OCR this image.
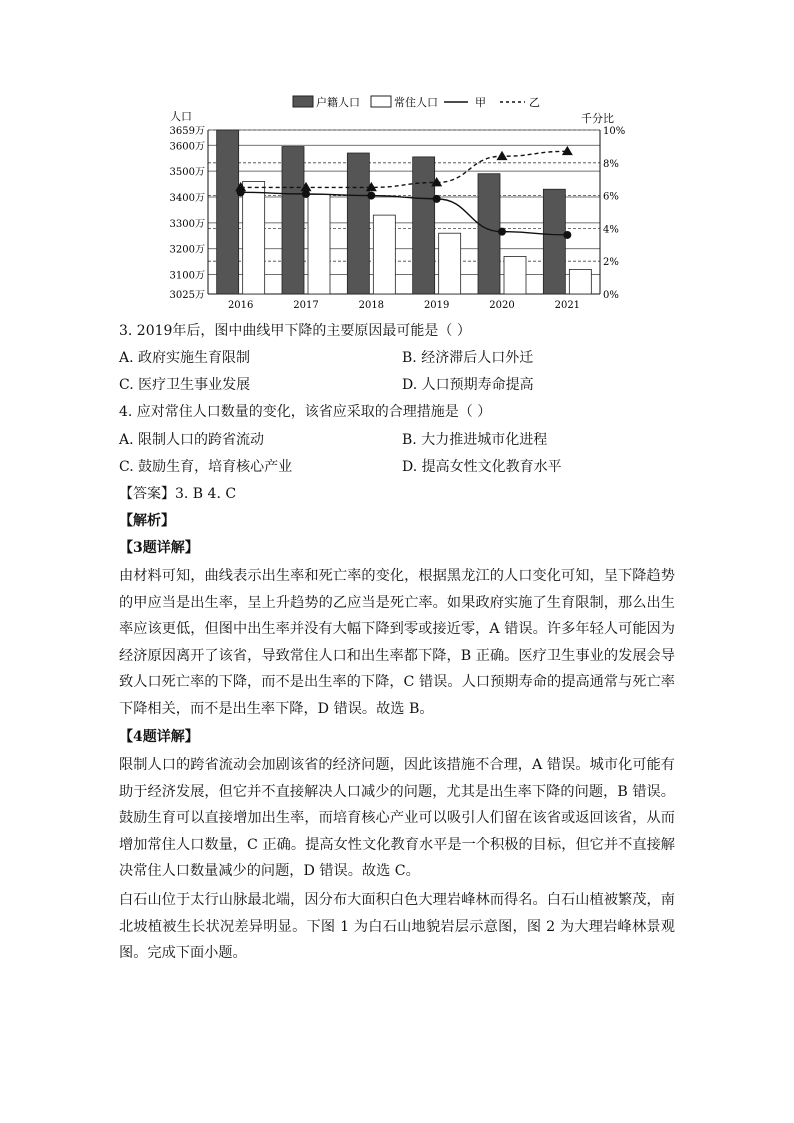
户籍人口	常住人口	甲	乙
人口	千分比
3659万
3600万
3500万
3400万
3300万
3200万
3100万
3025万
10%
8%
6%
4%
2%
0%
2016	2017	2018	2019	2020	2021
3. 2019年后，图中曲线甲下降的主要原因最可能是（ ）
A. 政府实施生育限制	B. 经济滞后人口外迁
C. 医疗卫生事业发展	D. 人口预期寿命提高
4. 应对常住人口数量的变化，该省应采取的合理措施是（ ）
A. 限制人口的跨省流动	B. 大力推进城市化进程
C. 鼓励生育，培育核心产业	D. 提高女性文化教育水平
【答案】3. B 4. C
【解析】
【3题详解】
由材料可知，曲线表示出生率和死亡率的变化，根据黑龙江的人口变化可知，呈下降趋势的甲应当是出生率，呈上升趋势的乙应当是死亡率。如果政府实施了生育限制，那么出生率应该更低，但图中出生率并没有大幅下降到零或接近零，A 错误。许多年轻人可能因为经济原因离开了该省，导致常住人口和出生率都下降，B 正确。医疗卫生事业的发展会导致人口死亡率的下降，而不是出生率的下降，C 错误。人口预期寿命的提高通常与死亡率下降相关，而不是出生率下降，D 错误。故选 B。
【4题详解】
限制人口的跨省流动会加剧该省的经济问题，因此该措施不合理，A 错误。城市化可能有助于经济发展，但它并不直接解决人口减少的问题，尤其是出生率下降的问题，B 错误。鼓励生育可以直接增加出生率，而培育核心产业可以吸引人们留在该省或返回该省，从而增加常住人口数量，C 正确。提高女性文化教育水平是一个积极的目标，但它并不直接解决常住人口数量减少的问题，D 错误。故选 C。
白石山位于太行山脉最北端，因分布大面积白色大理岩峰林而得名。白石山植被繁茂，南北坡植被生长状况差异明显。下图 1 为白石山地貌岩层示意图，图 2 为大理岩峰林景观图。完成下面小题。
